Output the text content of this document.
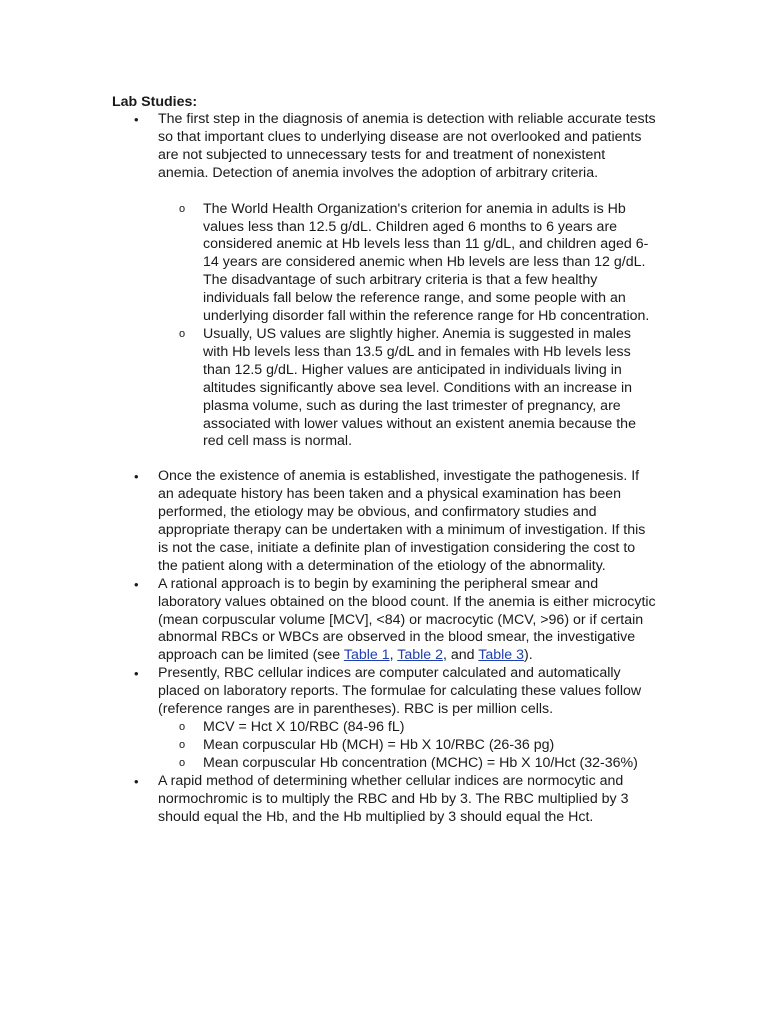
Lab Studies:
•	The first step in the diagnosis of anemia is detection with reliable accurate tests so that important clues to underlying disease are not overlooked and patients are not subjected to unnecessary tests for and treatment of nonexistent anemia. Detection of anemia involves the adoption of arbitrary criteria.
o The World Health Organization's criterion for anemia in adults is Hb values less than 12.5 g/dL. Children aged 6 months to 6 years are considered anemic at Hb levels less than 11 g/dL, and children aged 6-14 years are considered anemic when Hb levels are less than 12 g/dL. The disadvantage of such arbitrary criteria is that a few healthy individuals fall below the reference range, and some people with an underlying disorder fall within the reference range for Hb concentration.
o Usually, US values are slightly higher. Anemia is suggested in males with Hb levels less than 13.5 g/dL and in females with Hb levels less than 12.5 g/dL. Higher values are anticipated in individuals living in altitudes significantly above sea level. Conditions with an increase in plasma volume, such as during the last trimester of pregnancy, are associated with lower values without an existent anemia because the red cell mass is normal.
•	Once the existence of anemia is established, investigate the pathogenesis. If an adequate history has been taken and a physical examination has been performed, the etiology may be obvious, and confirmatory studies and appropriate therapy can be undertaken with a minimum of investigation. If this is not the case, initiate a definite plan of investigation considering the cost to the patient along with a determination of the etiology of the abnormality.
•	A rational approach is to begin by examining the peripheral smear and laboratory values obtained on the blood count. If the anemia is either microcytic (mean corpuscular volume [MCV], <84) or macrocytic (MCV, >96) or if certain abnormal RBCs or WBCs are observed in the blood smear, the investigative approach can be limited (see Table 1, Table 2, and Table 3).
•	Presently, RBC cellular indices are computer calculated and automatically placed on laboratory reports. The formulae for calculating these values follow (reference ranges are in parentheses). RBC is per million cells.
o MCV = Hct X 10/RBC (84-96 fL)
o Mean corpuscular Hb (MCH) = Hb X 10/RBC (26-36 pg)
o Mean corpuscular Hb concentration (MCHC) = Hb X 10/Hct (32-36%)
•	A rapid method of determining whether cellular indices are normocytic and normochromic is to multiply the RBC and Hb by 3. The RBC multiplied by 3 should equal the Hb, and the Hb multiplied by 3 should equal the Hct.
